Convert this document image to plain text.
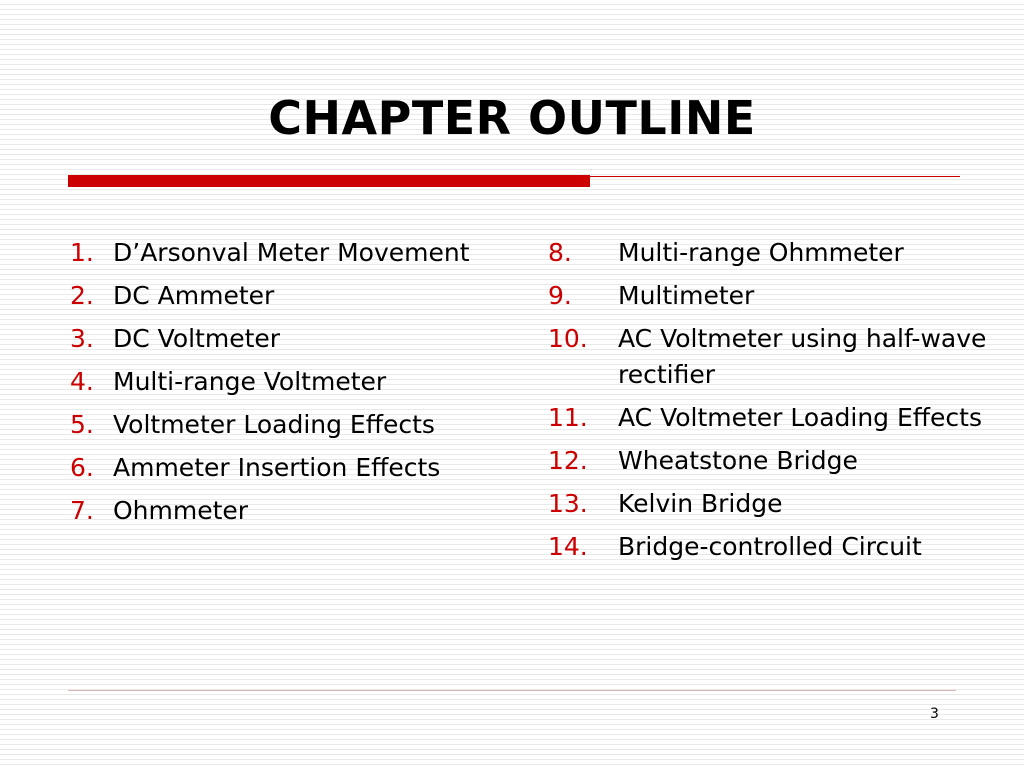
CHAPTER OUTLINE
1. D’Arsonval Meter Movement
2. DC Ammeter
3. DC Voltmeter
4. Multi-range Voltmeter
5. Voltmeter Loading Effects
6. Ammeter Insertion Effects
7. Ohmmeter
8.	Multi-range Ohmmeter
9.	Multimeter
10.	AC Voltmeter using half-wave rectifier
11.	AC Voltmeter Loading Effects
12.	Wheatstone Bridge
13.	Kelvin Bridge
14.	Bridge-controlled Circuit
3
